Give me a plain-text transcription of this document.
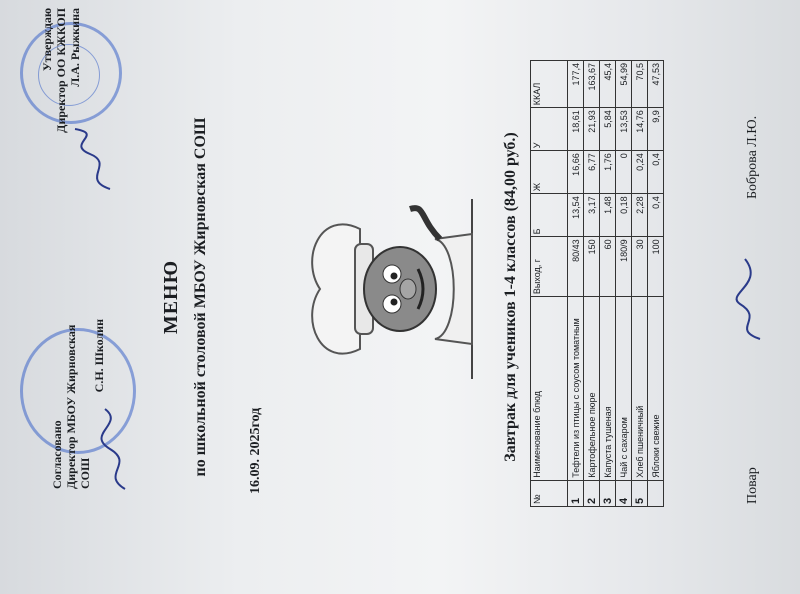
Утверждаю Директор ОО КЖКОП Л.А. Рыжкина
Согласовано Директор МБОУ Жирновская СОШ
С.Н. Школин
МЕНЮ по школьной столовой МБОУ Жирновская СОШ	16.09. 2025год	Завтрак для учеников 1-4 классов (84,00 руб.)
№	Наименование блюд	Выход, г	Б	Ж	У	ККАЛ
1	Тефтели из птицы с соусом томатным	80/43	13,54	16,66	18,61	177,4
2	Картофельное пюре	150	3,17	6,77	21,93	163,67
3	Капуста тушеная	60	1,48	1,76	5,84	45,4
4	Чай с сахаром	180/9	0,18	0	13,53	54,99
5	Хлеб пшеничный	30	2,28	0,24	14,76	70,5
	Яблоки свежие	100	0,4	0,4	9,9	47,53
Повар
Боброва Л.Ю.
